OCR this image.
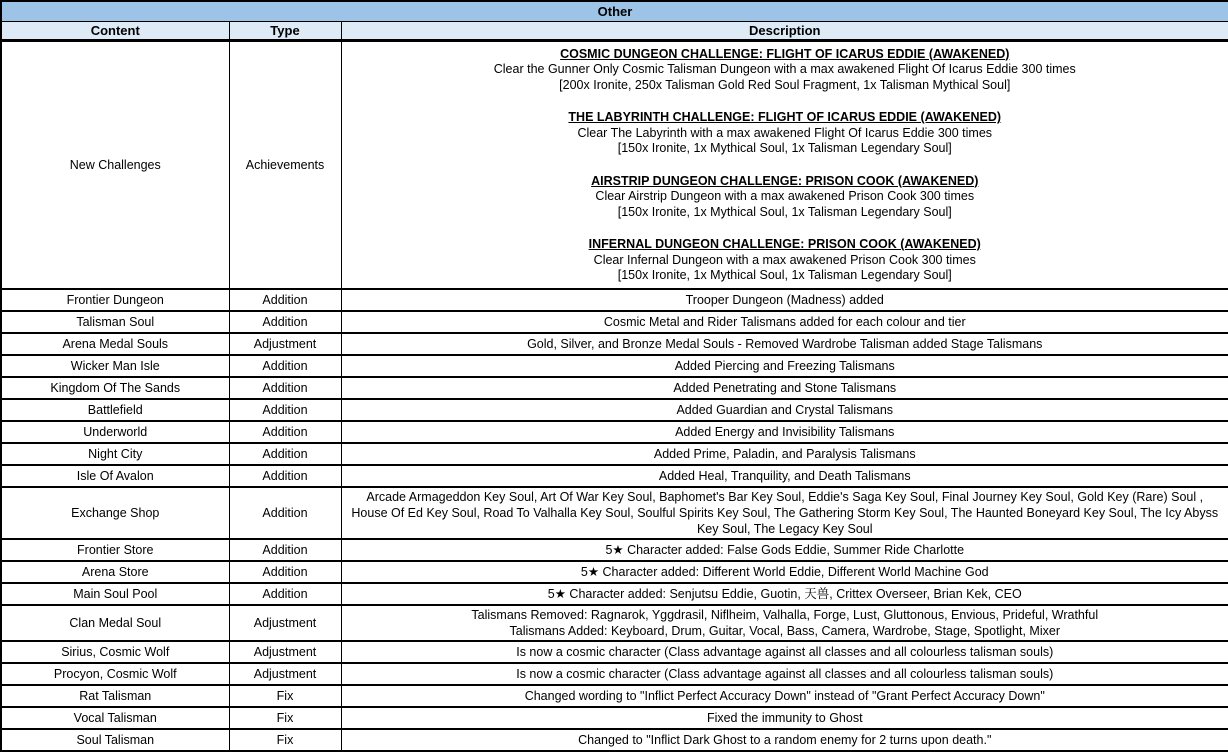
Other		
Content	Type	Description
New Challenges	Achievements	
COSMIC DUNGEON CHALLENGE: FLIGHT OF ICARUS EDDIE (AWAKENED)
Clear the Gunner Only Cosmic Talisman Dungeon with a max awakened Flight Of Icarus Eddie 300 times
[200x Ironite, 250x Talisman Gold Red Soul Fragment, 1x Talisman Mythical Soul]
THE LABYRINTH CHALLENGE: FLIGHT OF ICARUS EDDIE (AWAKENED)
Clear The Labyrinth with a max awakened Flight Of Icarus Eddie 300 times
[150x Ironite, 1x Mythical Soul, 1x Talisman Legendary Soul]
AIRSTRIP DUNGEON CHALLENGE: PRISON COOK (AWAKENED)
Clear Airstrip Dungeon with a max awakened Prison Cook 300 times
[150x Ironite, 1x Mythical Soul, 1x Talisman Legendary Soul]
INFERNAL DUNGEON CHALLENGE: PRISON COOK (AWAKENED)
Clear Infernal Dungeon with a max awakened Prison Cook 300 times
[150x Ironite, 1x Mythical Soul, 1x Talisman Legendary Soul]

Frontier Dungeon	Addition	Trooper Dungeon (Madness) added

Talisman Soul	Addition	Cosmic Metal and Rider Talismans added for each colour and tier

Arena Medal Souls	Adjustment	Gold, Silver, and Bronze Medal Souls - Removed Wardrobe Talisman added Stage Talismans

Wicker Man Isle	Addition	Added Piercing and Freezing Talismans

Kingdom Of The Sands	Addition	Added Penetrating and Stone Talismans

Battlefield	Addition	Added Guardian and Crystal Talismans

Underworld	Addition	Added Energy and Invisibility Talismans

Night City	Addition	Added Prime, Paladin, and Paralysis Talismans

Isle Of Avalon	Addition	Added Heal, Tranquility, and Death Talismans

Exchange Shop	Addition	Arcade Armageddon Key Soul, Art Of War Key Soul, Baphomet's Bar Key Soul, Eddie's Saga Key Soul, Final Journey Key Soul, Gold Key (Rare) Soul , House Of Ed Key Soul, Road To Valhalla Key Soul, Soulful Spirits Key Soul, The Gathering Storm Key Soul, The Haunted Boneyard Key Soul, The Icy Abyss Key Soul, The Legacy Key Soul

Frontier Store	Addition	5★ Character added: False Gods Eddie, Summer Ride Charlotte

Arena Store	Addition	5★ Character added: Different World Eddie, Different World Machine God

Main Soul Pool	Addition	5★ Character added: Senjutsu Eddie, Guotin, 天兽, Crittex Overseer, Brian Kek, CEO

Clan Medal Soul	Adjustment	Talismans Removed: Ragnarok, Yggdrasil, Niflheim, Valhalla, Forge, Lust, Gluttonous, Envious, Prideful, Wrathful
Talismans Added: Keyboard, Drum, Guitar, Vocal, Bass, Camera, Wardrobe, Stage, Spotlight, Mixer

Sirius, Cosmic Wolf	Adjustment	Is now a cosmic character (Class advantage against all classes and all colourless talisman souls)

Procyon, Cosmic Wolf	Adjustment	Is now a cosmic character (Class advantage against all classes and all colourless talisman souls)

Rat Talisman	Fix	Changed wording to "Inflict Perfect Accuracy Down" instead of "Grant Perfect Accuracy Down"

Vocal Talisman	Fix	Fixed the immunity to Ghost

Soul Talisman	Fix	Changed to "Inflict Dark Ghost to a random enemy for 2 turns upon death."
